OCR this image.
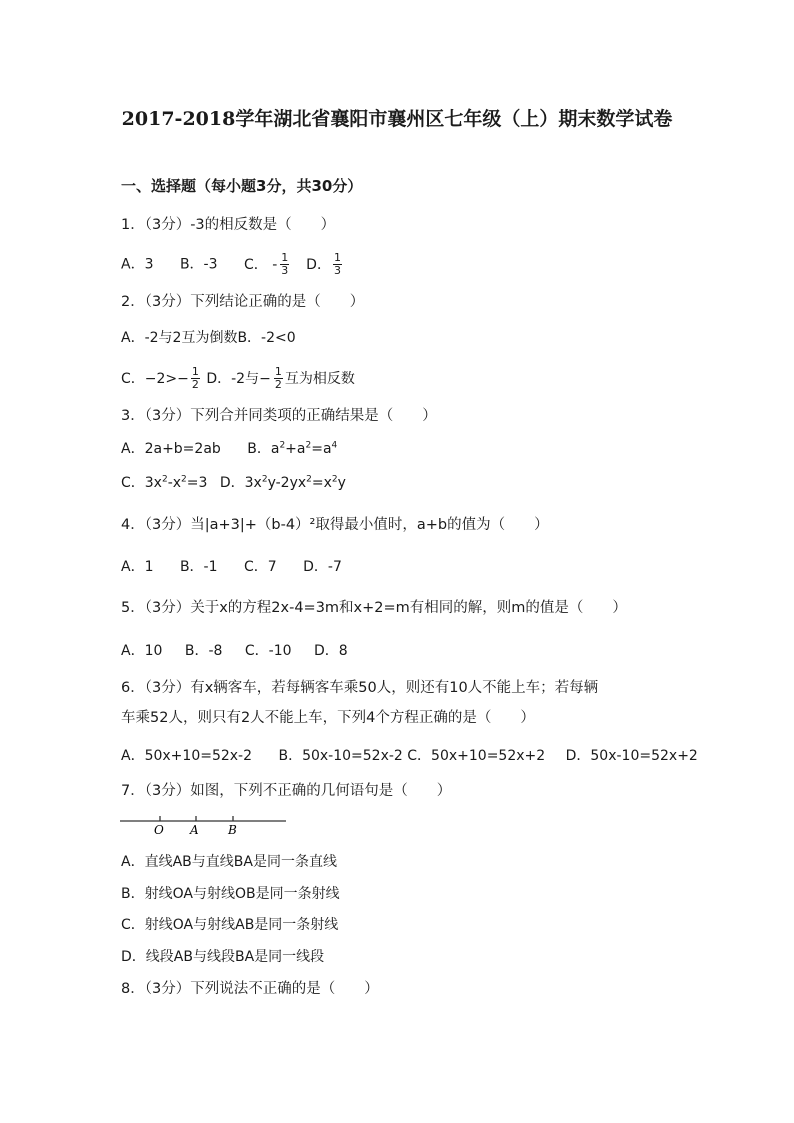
2017-2018学年湖北省襄阳市襄州区七年级（上）期末数学试卷
一、选择题（每小题3分，共30分）
1．（3分）-3的相反数是（　　）
A．3 B．-3 C． - $\frac{1}{3}$ D． $\frac{1}{3}$
2．（3分）下列结论正确的是（　　）
A．-2与2互为倒数B．-2<0
C．$-2>- \frac{1}{2}$ D．-2与− $\frac{1}{2}$ 互为相反数
3．（3分）下列合并同类项的正确结果是（　　）
A．2a+b=2ab B．$a^2+a^2=a^4$
C．$3x^2-x^2=3$ D．$3x^2y-2yx^2=x^2y$
4．（3分）当|a+3|+（b-4）²取得最小值时，a+b的值为（　　）
A．1 B．-1 C．7 D．-7
5．（3分）关于x的方程2x-4=3m和x+2=m有相同的解，则m的值是（　　）
A．10 B．-8 C．-10 D．8
6．（3分）有x辆客车，若每辆客车乘50人，则还有10人不能上车；若每辆
车乘52人，则只有2人不能上车，下列4个方程正确的是（　　）
A．50x+10=52x-2 B．50x-10=52x-2 C．50x+10=52x+2 D．50x-10=52x+2
7．（3分）如图，下列不正确的几何语句是（　　）
O A B
A．直线AB与直线BA是同一条直线
B．射线OA与射线OB是同一条射线
C．射线OA与射线AB是同一条射线
D．线段AB与线段BA是同一线段
8．（3分）下列说法不正确的是（　　）
